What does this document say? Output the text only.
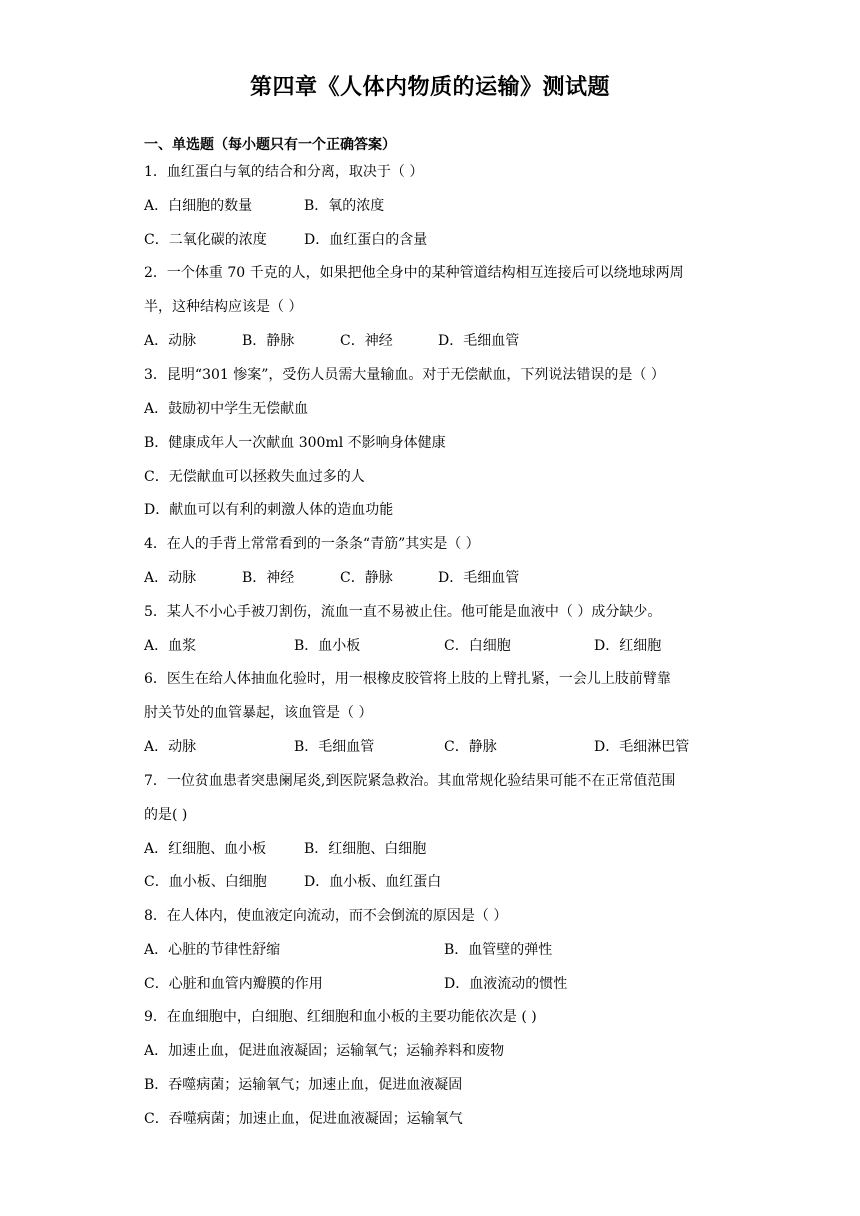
第四章《人体内物质的运输》测试题
一、单选题（每小题只有一个正确答案）
1．血红蛋白与氧的结合和分离，取决于（ ）
A．白细胞的数量	B．氧的浓度
C．二氧化碳的浓度	D．血红蛋白的含量
2．一个体重 70 千克的人，如果把他全身中的某种管道结构相互连接后可以绕地球两周
半，这种结构应该是（ ）
A．动脉	B．静脉	C．神经	D．毛细血管
3．昆明“301 惨案”，受伤人员需大量输血。对于无偿献血，下列说法错误的是（ ）
A．鼓励初中学生无偿献血
B．健康成年人一次献血 300ml 不影响身体健康
C．无偿献血可以拯救失血过多的人
D．献血可以有利的刺激人体的造血功能
4．在人的手背上常常看到的一条条“青筋”其实是（ ）
A．动脉	B．神经	C．静脉	D．毛细血管
5．某人不小心手被刀割伤，流血一直不易被止住。他可能是血液中（ ）成分缺少。
A．血浆	B．血小板	C．白细胞	D．红细胞
6．医生在给人体抽血化验时，用一根橡皮胶管将上肢的上臂扎紧，一会儿上肢前臂靠
肘关节处的血管暴起，该血管是（ ）
A．动脉	B．毛细血管	C．静脉	D．毛细淋巴管
7．一位贫血患者突患阑尾炎,到医院紧急救治。其血常规化验结果可能不在正常值范围
的是( )
A．红细胞、血小板	B．红细胞、白细胞
C．血小板、白细胞	D．血小板、血红蛋白
8．在人体内，使血液定向流动，而不会倒流的原因是（ ）
A．心脏的节律性舒缩	B．血管壁的弹性
C．心脏和血管内瓣膜的作用	D．血液流动的惯性
9．在血细胞中，白细胞、红细胞和血小板的主要功能依次是 ( )
A．加速止血，促进血液凝固；运输氧气；运输养料和废物
B．吞噬病菌；运输氧气；加速止血，促进血液凝固
C．吞噬病菌；加速止血，促进血液凝固；运输氧气
